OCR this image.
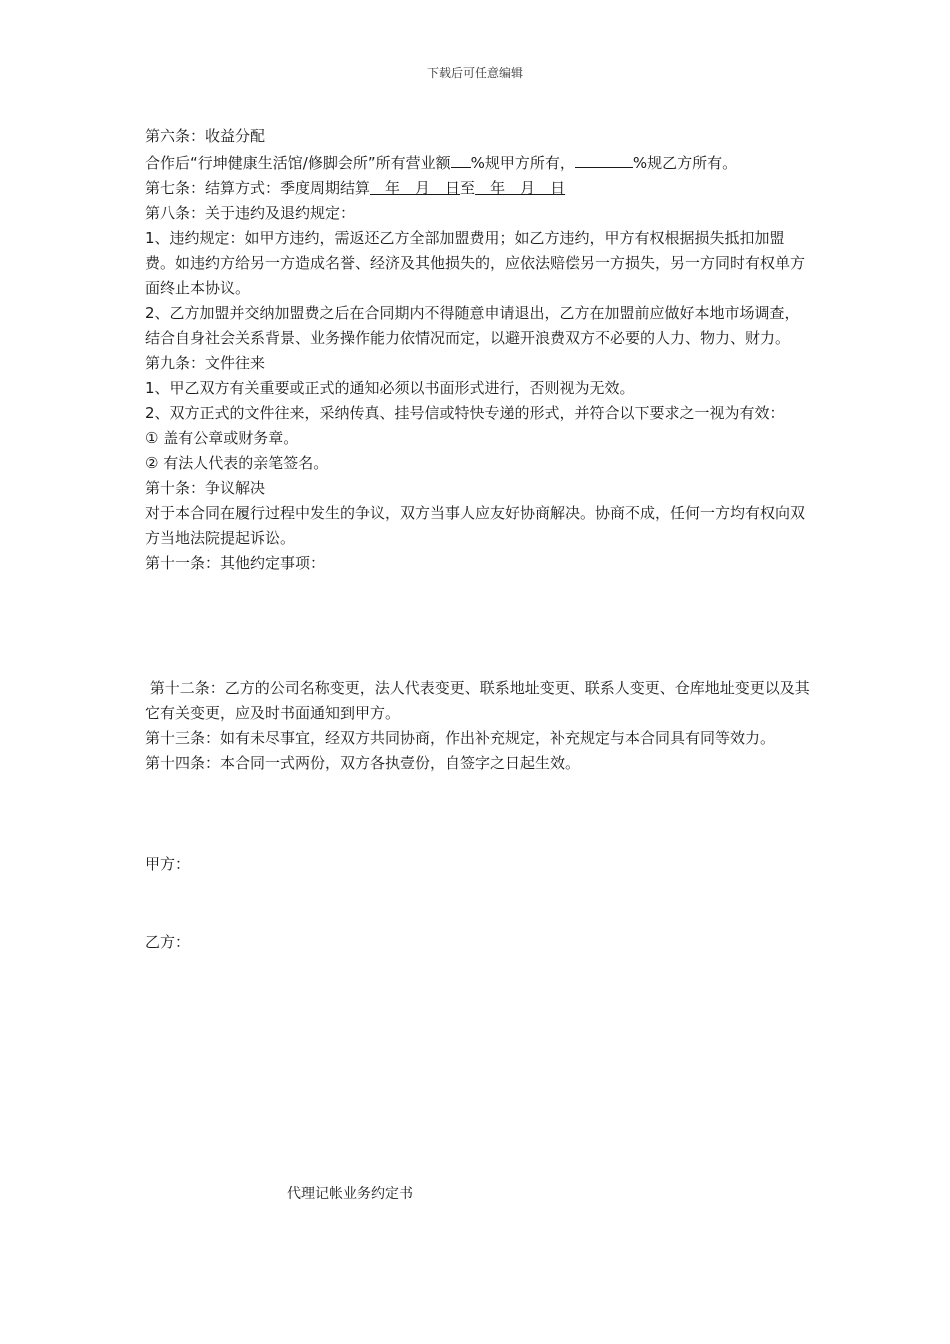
下载后可任意编辑

第六条：收益分配

合作后“行坤健康生活馆/修脚会所”所有营业额 %规甲方所有，	%规乙方所有。

第七条：结算方式：季度周期结算　 年　月　日至　 年　月　日

第八条：关于违约及退约规定：

1、违约规定：如甲方违约，需返还乙方全部加盟费用；如乙方违约，甲方有权根据损失抵扣加盟费。如违约方给另一方造成名誉、经济及其他损失的，应依法赔偿另一方损失，另一方同时有权单方面终止本协议。

2、乙方加盟并交纳加盟费之后在合同期内不得随意申请退出，乙方在加盟前应做好本地市场调查，结合自身社会关系背景、业务操作能力依情况而定，以避开浪费双方不必要的人力、物力、财力。

第九条：文件往来

1、甲乙双方有关重要或正式的通知必须以书面形式进行，否则视为无效。

2、双方正式的文件往来，采纳传真、挂号信或特快专递的形式，并符合以下要求之一视为有效：

① 盖有公章或财务章。

② 有法人代表的亲笔签名。

第十条：争议解决

对于本合同在履行过程中发生的争议，双方当事人应友好协商解决。协商不成，任何一方均有权向双方当地法院提起诉讼。

第十一条：其他约定事项：

第十二条：乙方的公司名称变更，法人代表变更、联系地址变更、联系人变更、仓库地址变更以及其它有关变更，应及时书面通知到甲方。

第十三条：如有未尽事宜，经双方共同协商，作出补充规定，补充规定与本合同具有同等效力。

第十四条：本合同一式两份，双方各执壹份，自签字之日起生效。

甲方：

乙方：

代理记帐业务约定书
